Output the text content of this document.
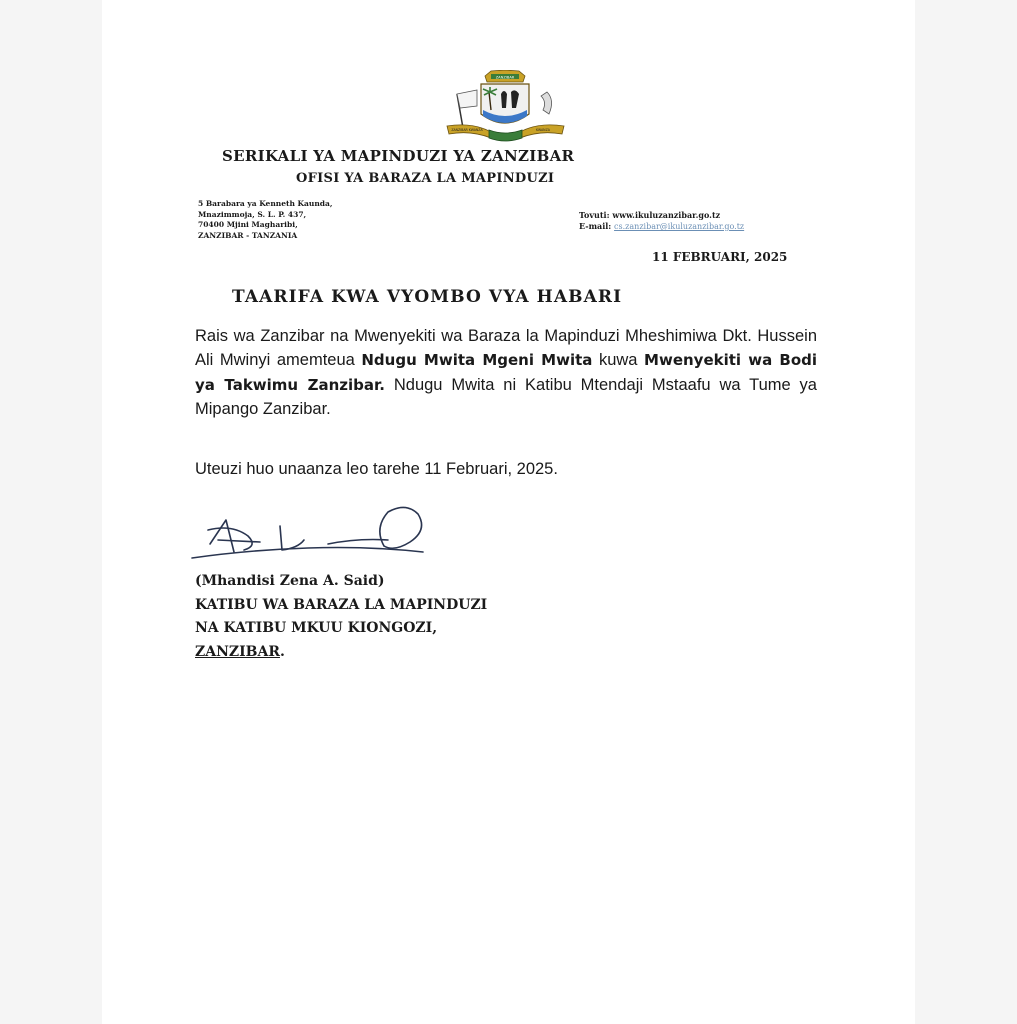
ZANZIBAR
ZANZIBAR KWANZA	KWANZA
SERIKALI YA MAPINDUZI YA ZANZIBAR
OFISI YA BARAZA LA MAPINDUZI
5 Barabara ya Kenneth Kaunda,
Mnazimmoja, S. L. P. 437,
70400 Mjini Magharibi,
ZANZIBAR - TANZANIA
Tovuti: www.ikuluzanzibar.go.tz
E-mail: cs.zanzibar@ikuluzanzibar.go.tz
11 FEBRUARI, 2025
TAARIFA KWA VYOMBO VYA HABARI

Rais wa Zanzibar na Mwenyekiti wa Baraza la Mapinduzi Mheshimiwa Dkt. Hussein Ali Mwinyi amemteua Ndugu Mwita Mgeni Mwita kuwa Mwenyekiti wa Bodi ya Takwimu Zanzibar. Ndugu Mwita ni Katibu Mtendaji Mstaafu wa Tume ya Mipango Zanzibar.

Uteuzi huo unaanza leo tarehe 11 Februari, 2025.

(Mhandisi Zena A. Said)
KATIBU WA BARAZA LA MAPINDUZI
NA KATIBU MKUU KIONGOZI,
ZANZIBAR.
